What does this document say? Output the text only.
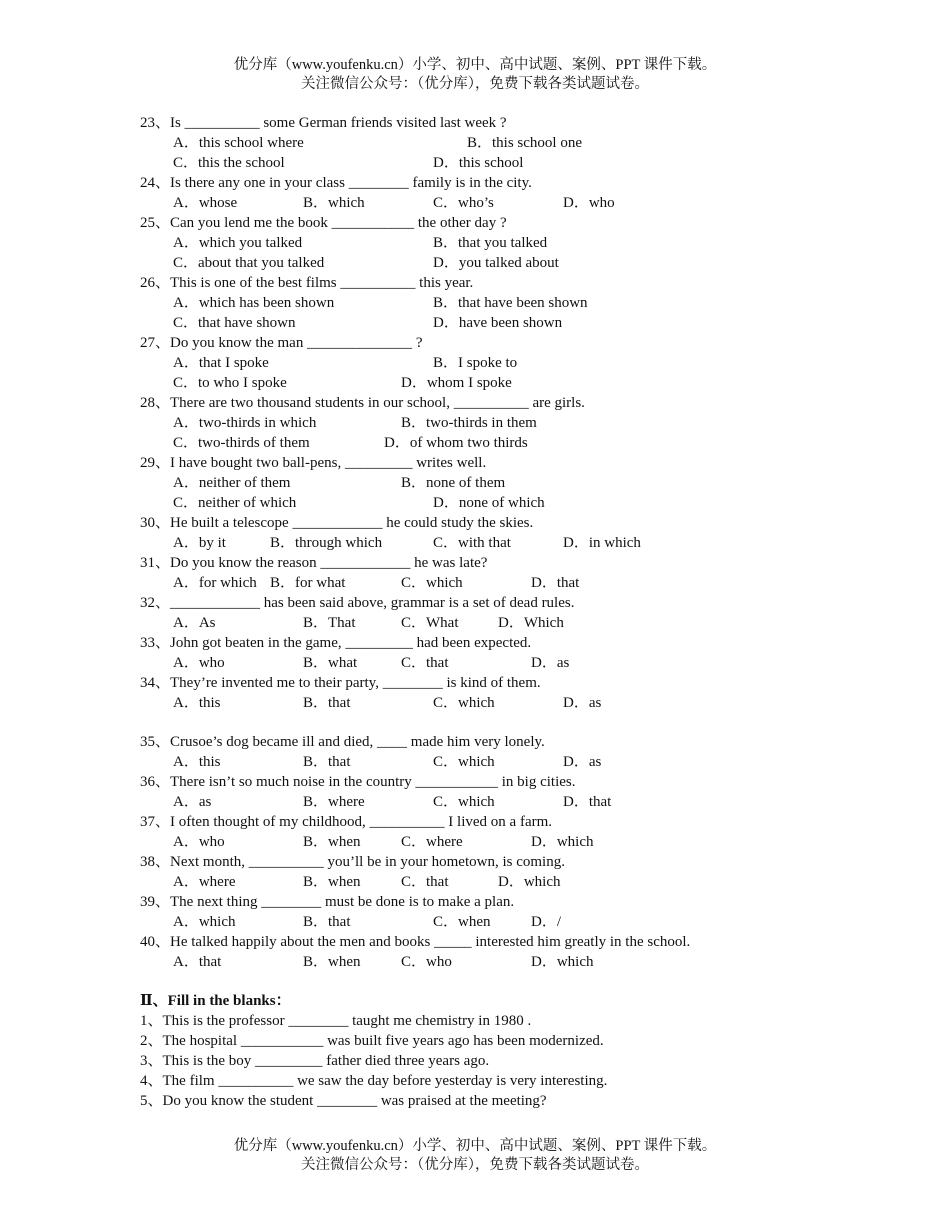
优分库（www.youfenku.cn）小学、初中、高中试题、案例、PPT 课件下载。
关注微信公众号：（优分库），免费下载各类试题试卷。
23、Is __________ some German friends visited last week ?
A．this school where	B．this school one
C．this the school	D．this school
24、Is there any one in your class ________ family is in the city.
A．whose	B．which	C．who’s	D．who
25、Can you lend me the book ___________ the other day ?
A．which you talked	B．that you talked
C．about that you talked	D．you talked about
26、This is one of the best films __________ this year.
A．which has been shown	B．that have been shown
C．that have shown	D．have been shown
27、Do you know the man ______________ ?
A．that I spoke	B．I spoke to
C．to who I spoke	D．whom I spoke
28、There are two thousand students in our school, __________ are girls.
A．two-thirds in which	B．two-thirds in them
C．two-thirds of them	D．of whom two thirds
29、I have bought two ball-pens, _________ writes well.
A．neither of them	B．none of them
C．neither of which	D．none of which
30、He built a telescope ____________ he could study the skies.
A．by it	B．through which	C．with that	D．in which
31、Do you know the reason ____________ he was late?
A．for which B．for what	C．which	D．that
32、____________ has been said above, grammar is a set of dead rules.
A．As	B．That	C．What	D．Which
33、John got beaten in the game, _________ had been expected.
A．who	B．what	C．that	D．as
34、They’re invented me to their party, ________ is kind of them.
A．this	B．that	C．which	D．as
35、Crusoe’s dog became ill and died, ____ made him very lonely.
A．this	B．that	C．which	D．as
36、There isn’t so much noise in the country ___________ in big cities.
A．as	B．where	C．which	D．that
37、I often thought of my childhood, __________ I lived on a farm.
A．who	B．when	C．where	D．which
38、Next month, __________ you’ll be in your hometown, is coming.
A．where	B．when	C．that	D．which
39、The next thing ________ must be done is to make a plan.
A．which	B．that	C．when	D．/
40、He talked happily about the men and books _____ interested him greatly in the school.
A．that	B．when	C．who	D．which
Ⅱ、Fill in the blanks：
1、This is the professor ________ taught me chemistry in 1980 .
2、The hospital ___________ was built five years ago has been modernized.
3、This is the boy _________ father died three years ago.
4、The film __________ we saw the day before yesterday is very interesting.
5、Do you know the student ________ was praised at the meeting?
优分库（www.youfenku.cn）小学、初中、高中试题、案例、PPT 课件下载。
关注微信公众号：（优分库），免费下载各类试题试卷。
